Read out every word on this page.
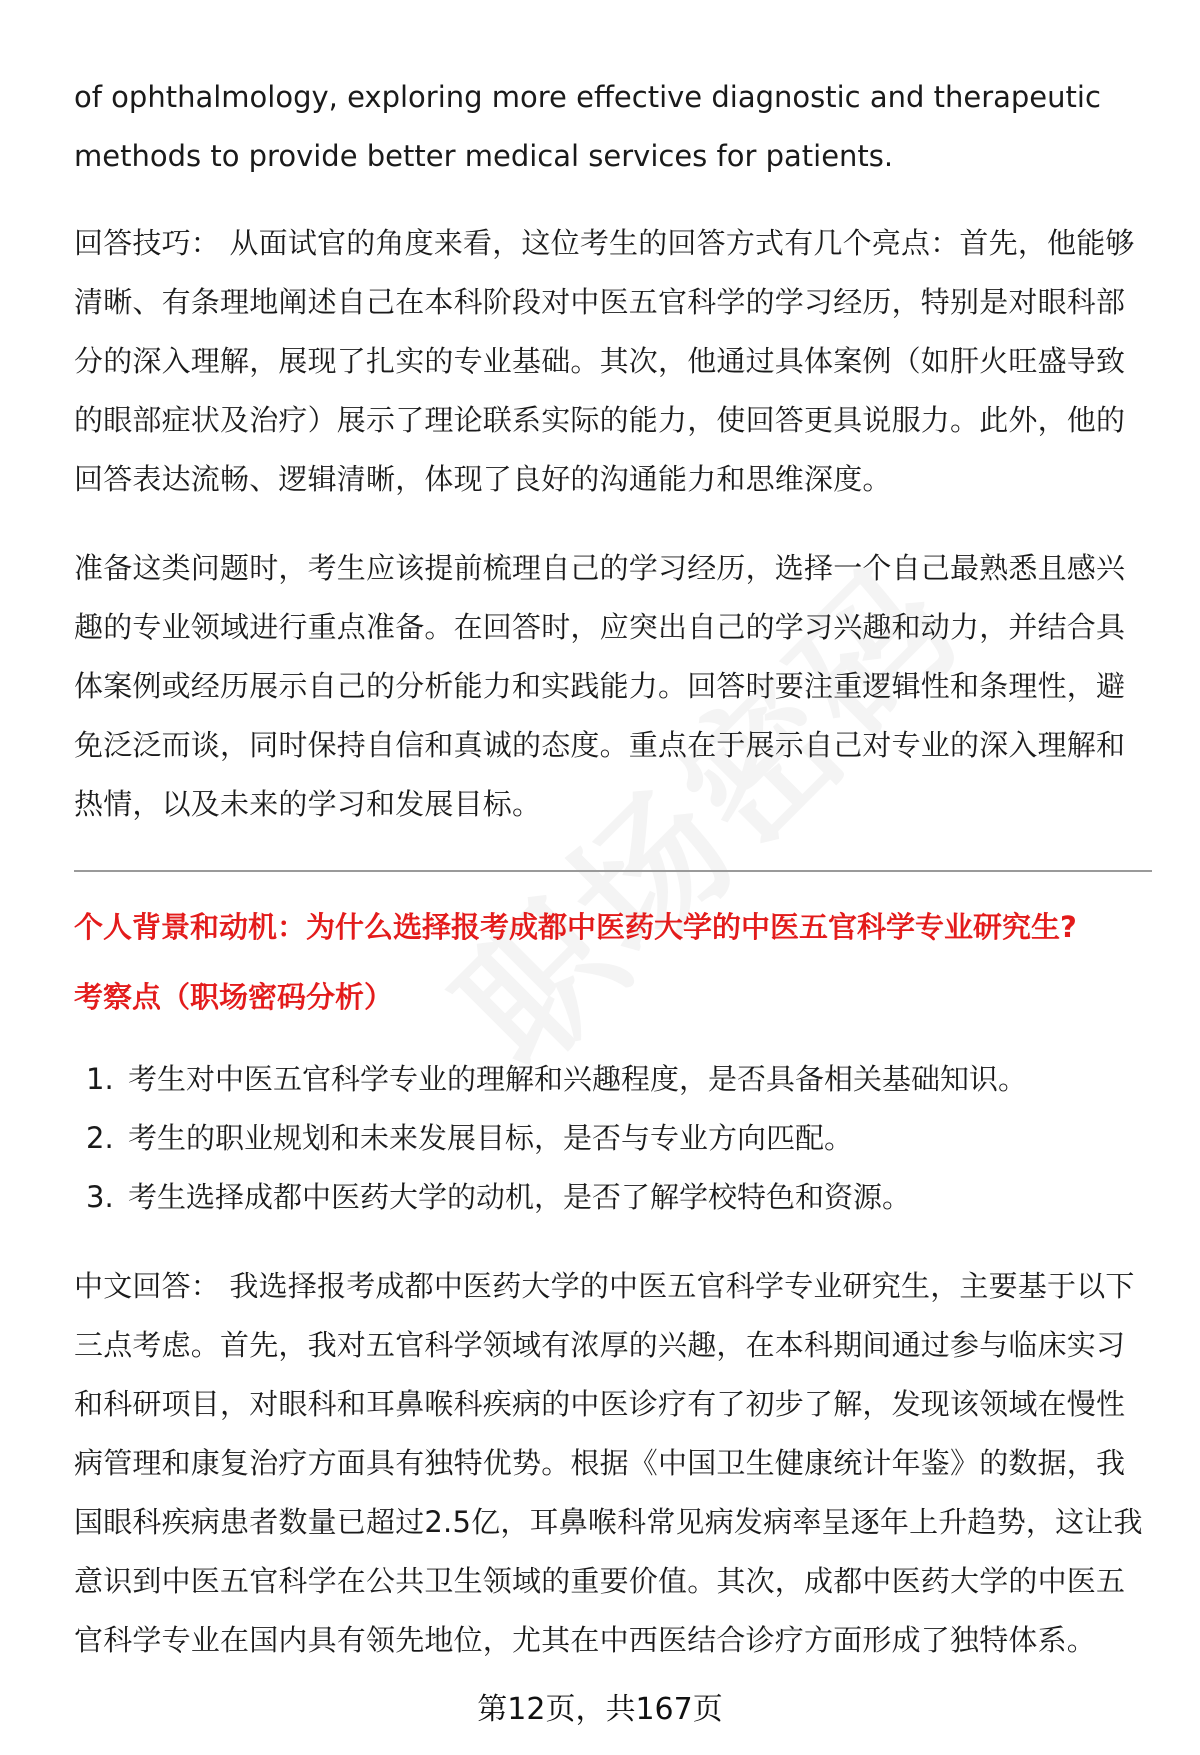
of ophthalmology, exploring more effective diagnostic and therapeutic methods to provide better medical services for patients.

回答技巧： 从面试官的角度来看，这位考生的回答方式有几个亮点：首先，他能够清晰、有条理地阐述自己在本科阶段对中医五官科学的学习经历，特别是对眼科部分的深入理解，展现了扎实的专业基础。其次，他通过具体案例（如肝火旺盛导致的眼部症状及治疗）展示了理论联系实际的能力，使回答更具说服力。此外，他的回答表达流畅、逻辑清晰，体现了良好的沟通能力和思维深度。

准备这类问题时，考生应该提前梳理自己的学习经历，选择一个自己最熟悉且感兴趣的专业领域进行重点准备。在回答时，应突出自己的学习兴趣和动力，并结合具体案例或经历展示自己的分析能力和实践能力。回答时要注重逻辑性和条理性，避免泛泛而谈，同时保持自信和真诚的态度。重点在于展示自己对专业的深入理解和热情，以及未来的学习和发展目标。

个人背景和动机：为什么选择报考成都中医药大学的中医五官科学专业研究生?

考察点（职场密码分析）

1. 考生对中医五官科学专业的理解和兴趣程度，是否具备相关基础知识。
2. 考生的职业规划和未来发展目标，是否与专业方向匹配。
3. 考生选择成都中医药大学的动机，是否了解学校特色和资源。

中文回答： 我选择报考成都中医药大学的中医五官科学专业研究生，主要基于以下三点考虑。首先，我对五官科学领域有浓厚的兴趣，在本科期间通过参与临床实习和科研项目，对眼科和耳鼻喉科疾病的中医诊疗有了初步了解，发现该领域在慢性病管理和康复治疗方面具有独特优势。根据《中国卫生健康统计年鉴》的数据，我国眼科疾病患者数量已超过2.5亿，耳鼻喉科常见病发病率呈逐年上升趋势，这让我意识到中医五官科学在公共卫生领域的重要价值。其次，成都中医药大学的中医五官科学专业在国内具有领先地位，尤其在中西医结合诊疗方面形成了独特体系。

第12页，共167页
